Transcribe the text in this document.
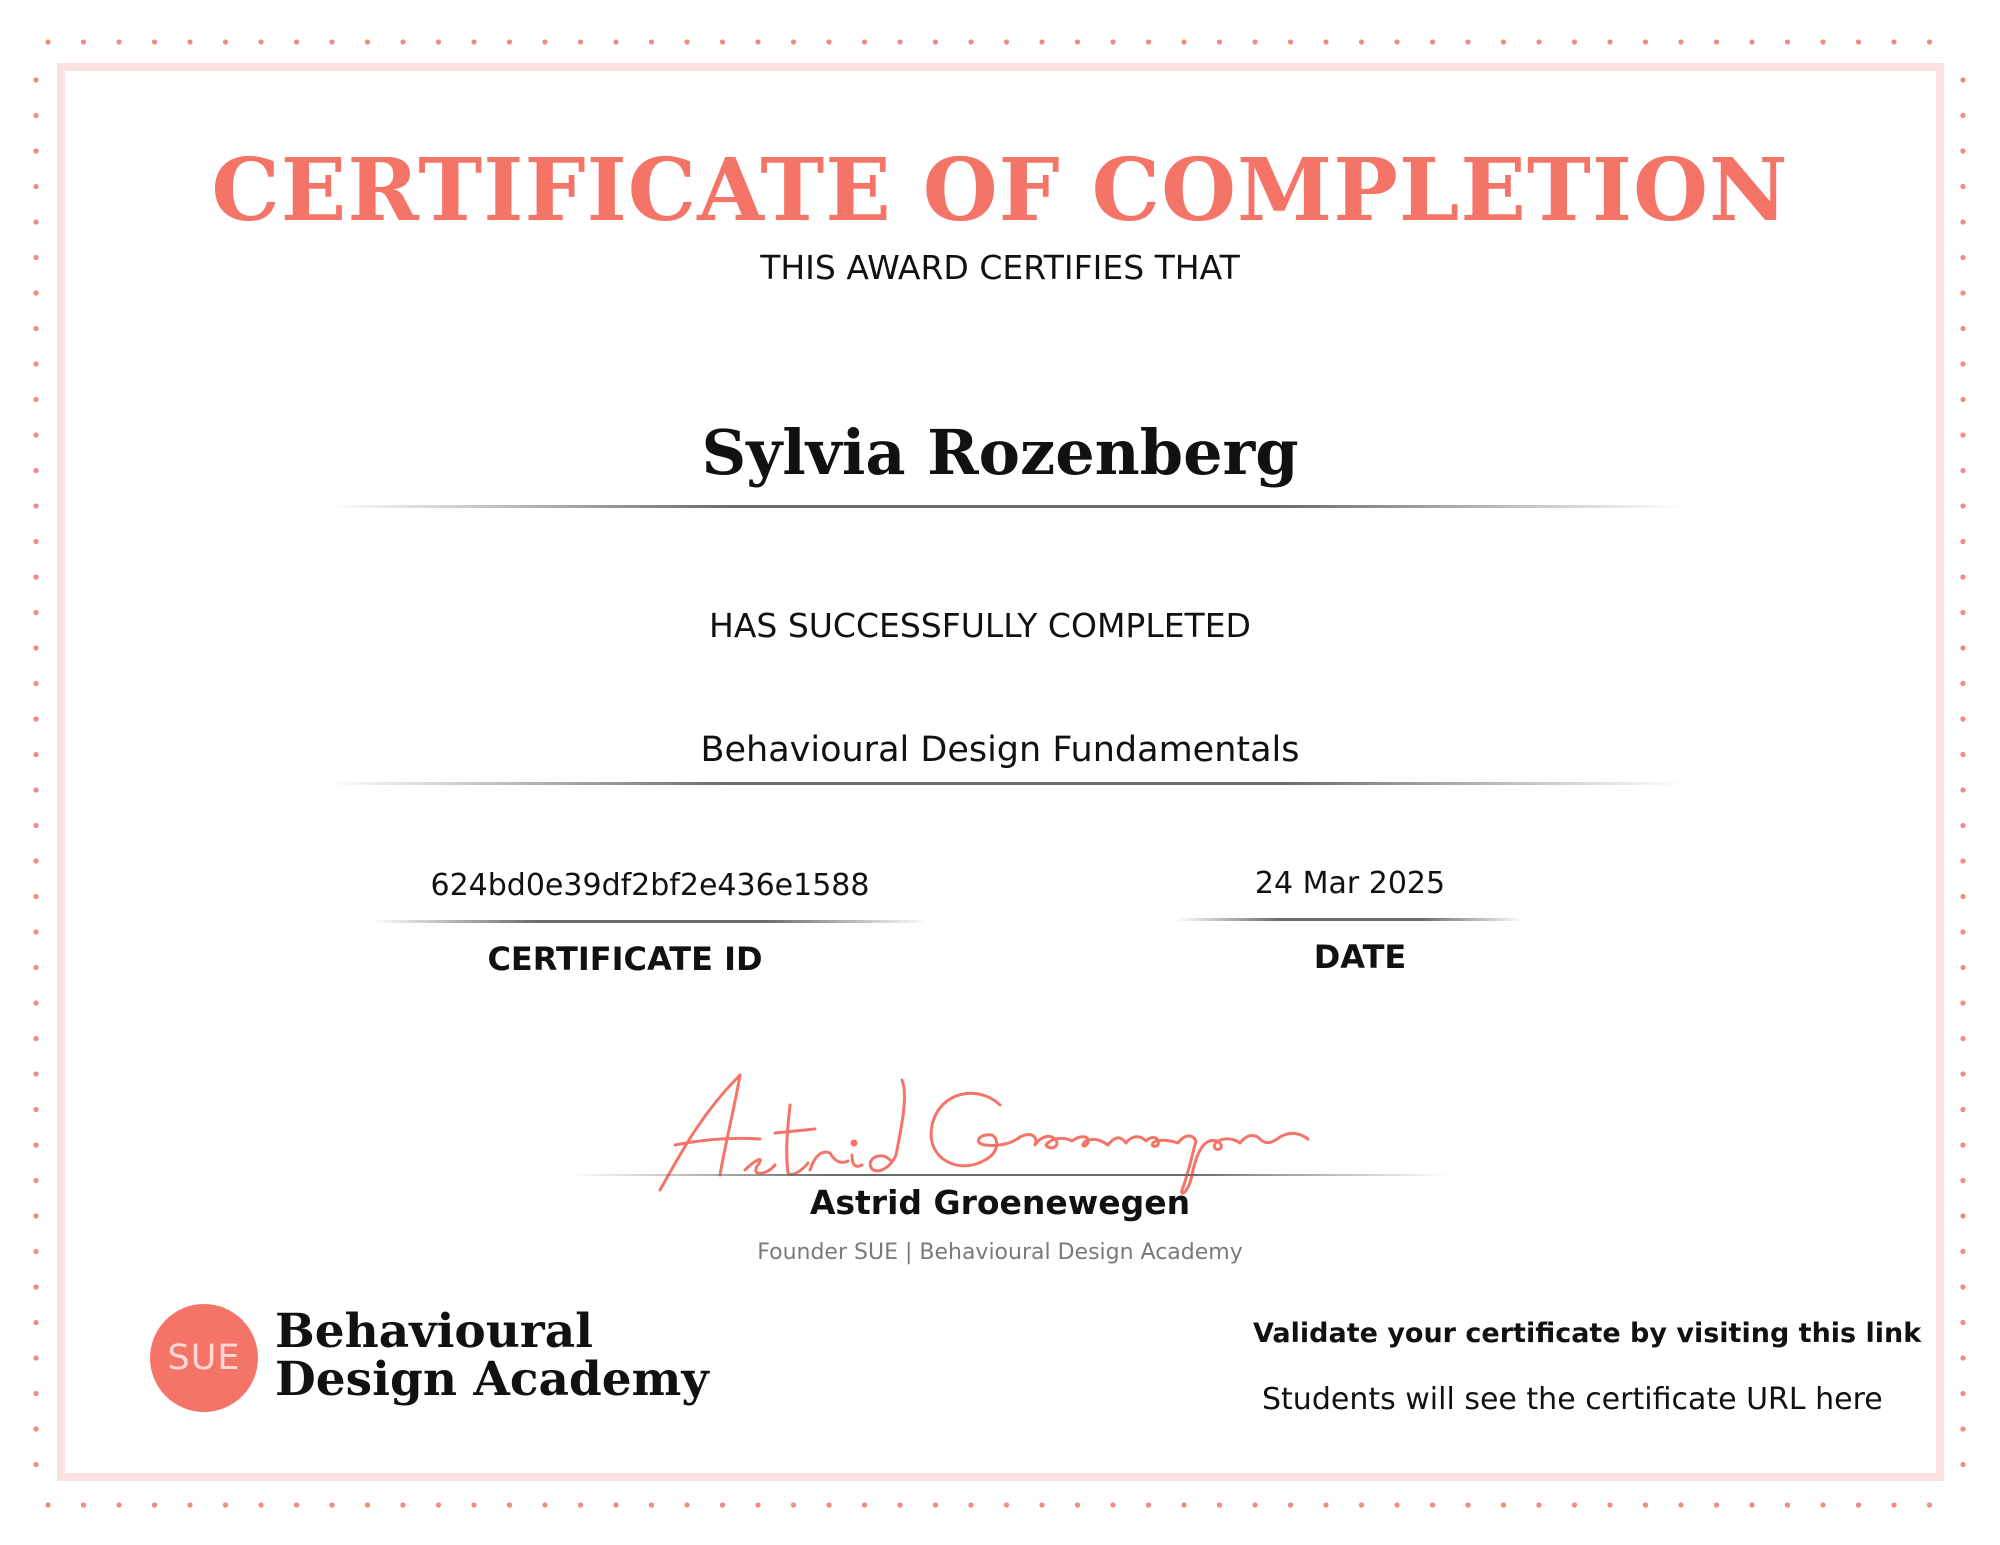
CERTIFICATE OF COMPLETION
THIS AWARD CERTIFIES THAT
Sylvia Rozenberg
HAS SUCCESSFULLY COMPLETED
Behavioural Design Fundamentals
624bd0e39df2bf2e436e1588
CERTIFICATE ID
24 Mar 2025
DATE
Astrid Groenewegen
Founder SUE | Behavioural Design Academy
SUE Behavioural
Design Academy
Validate your certificate by visiting this link
Students will see the certificate URL here
